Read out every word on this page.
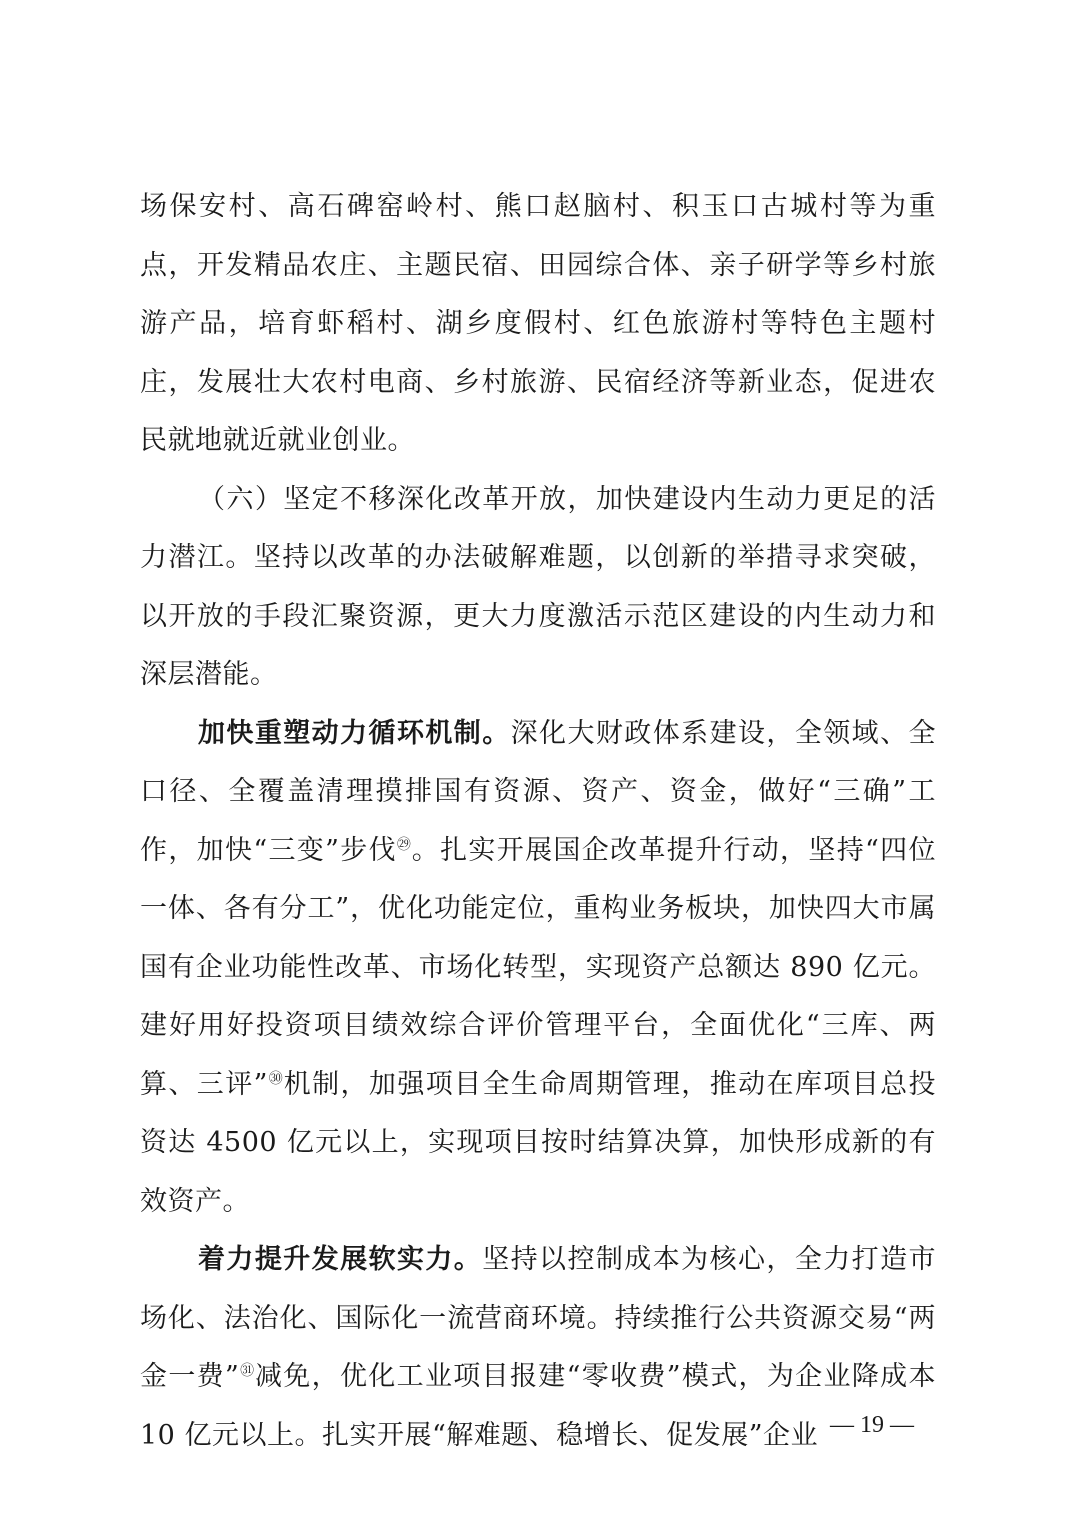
场保安村、高石碑窑岭村、熊口赵脑村、积玉口古城村等为重点，开发精品农庄、主题民宿、田园综合体、亲子研学等乡村旅游产品，培育虾稻村、湖乡度假村、红色旅游村等特色主题村庄，发展壮大农村电商、乡村旅游、民宿经济等新业态，促进农民就地就近就业创业。

（六）坚定不移深化改革开放，加快建设内生动力更足的活力潜江。坚持以改革的办法破解难题，以创新的举措寻求突破，以开放的手段汇聚资源，更大力度激活示范区建设的内生动力和深层潜能。

加快重塑动力循环机制。深化大财政体系建设，全领域、全口径、全覆盖清理摸排国有资源、资产、资金，做好“三确”工作，加快“三变”步伐$^㉙$。扎实开展国企改革提升行动，坚持“四位一体、各有分工”，优化功能定位，重构业务板块，加快四大市属国有企业功能性改革、市场化转型，实现资产总额达 890 亿元。建好用好投资项目绩效综合评价管理平台，全面优化“三库、两算、三评”$^㉚$机制，加强项目全生命周期管理，推动在库项目总投资达 4500 亿元以上，实现项目按时结算决算，加快形成新的有效资产。

着力提升发展软实力。坚持以控制成本为核心，全力打造市场化、法治化、国际化一流营商环境。持续推行公共资源交易“两金一费”$^㉛$减免，优化工业项目报建“零收费”模式，为企业降成本 10 亿元以上。扎实开展“解难题、稳增长、促发展”企业 — 19 —
